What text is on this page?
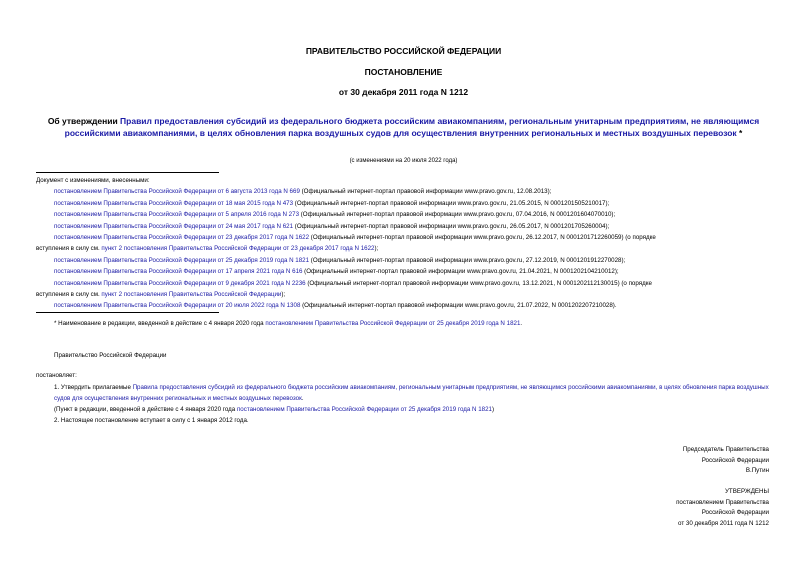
ПРАВИТЕЛЬСТВО РОССИЙСКОЙ ФЕДЕРАЦИИ
ПОСТАНОВЛЕНИЕ
от 30 декабря 2011 года N 1212
Об утверждении Правил предоставления субсидий из федерального бюджета российским авиакомпаниям, региональным унитарным предприятиям, не являющимся российскими авиакомпаниями, в целях обновления парка воздушных судов для осуществления внутренних региональных и местных воздушных перевозок *
(с изменениями на 20 июля 2022 года)
Документ с изменениями, внесенными:
постановлением Правительства Российской Федерации от 6 августа 2013 года N 669 (Официальный интернет-портал правовой информации www.pravo.gov.ru, 12.08.2013);
постановлением Правительства Российской Федерации от 18 мая 2015 года N 473 (Официальный интернет-портал правовой информации www.pravo.gov.ru, 21.05.2015, N 0001201505210017);
постановлением Правительства Российской Федерации от 5 апреля 2016 года N 273 (Официальный интернет-портал правовой информации www.pravo.gov.ru, 07.04.2016, N 0001201604070010);
постановлением Правительства Российской Федерации от 24 мая 2017 года N 621 (Официальный интернет-портал правовой информации www.pravo.gov.ru, 26.05.2017, N 0001201705260004);
постановлением Правительства Российской Федерации от 23 декабря 2017 года N 1622 (Официальный интернет-портал правовой информации www.pravo.gov.ru, 26.12.2017, N 0001201712260059) (о порядке
вступления в силу см. пункт 2 постановления Правительства Российской Федерации от 23 декабря 2017 года N 1622);
постановлением Правительства Российской Федерации от 25 декабря 2019 года N 1821 (Официальный интернет-портал правовой информации www.pravo.gov.ru, 27.12.2019, N 0001201912270028);
постановлением Правительства Российской Федерации от 17 апреля 2021 года N 616 (Официальный интернет-портал правовой информации www.pravo.gov.ru, 21.04.2021, N 0001202104210012);
постановлением Правительства Российской Федерации от 9 декабря 2021 года N 2236 (Официальный интернет-портал правовой информации www.pravo.gov.ru, 13.12.2021, N 0001202112130015) (о порядке
вступления в силу см. пункт 2 постановления Правительства Российской Федерации);
постановлением Правительства Российской Федерации от 20 июля 2022 года N 1308 (Официальный интернет-портал правовой информации www.pravo.gov.ru, 21.07.2022, N 0001202207210028).
* Наименование в редакции, введенной в действие с 4 января 2020 года постановлением Правительства Российской Федерации от 25 декабря 2019 года N 1821.
Правительство Российской Федерации
постановляет:
1. Утвердить прилагаемые Правила предоставления субсидий из федерального бюджета российским авиакомпаниям, региональным унитарным предприятиям, не являющимся российскими авиакомпаниями, в целях обновления парка воздушных судов для осуществления внутренних региональных и местных воздушных перевозок.
(Пункт в редакции, введенной в действие с 4 января 2020 года постановлением Правительства Российской Федерации от 25 декабря 2019 года N 1821)
2. Настоящее постановление вступает в силу с 1 января 2012 года.
Председатель Правительства
Российской Федерации
В.Путин
УТВЕРЖДЕНЫ
постановлением Правительства
Российской Федерации
от 30 декабря 2011 года N 1212
